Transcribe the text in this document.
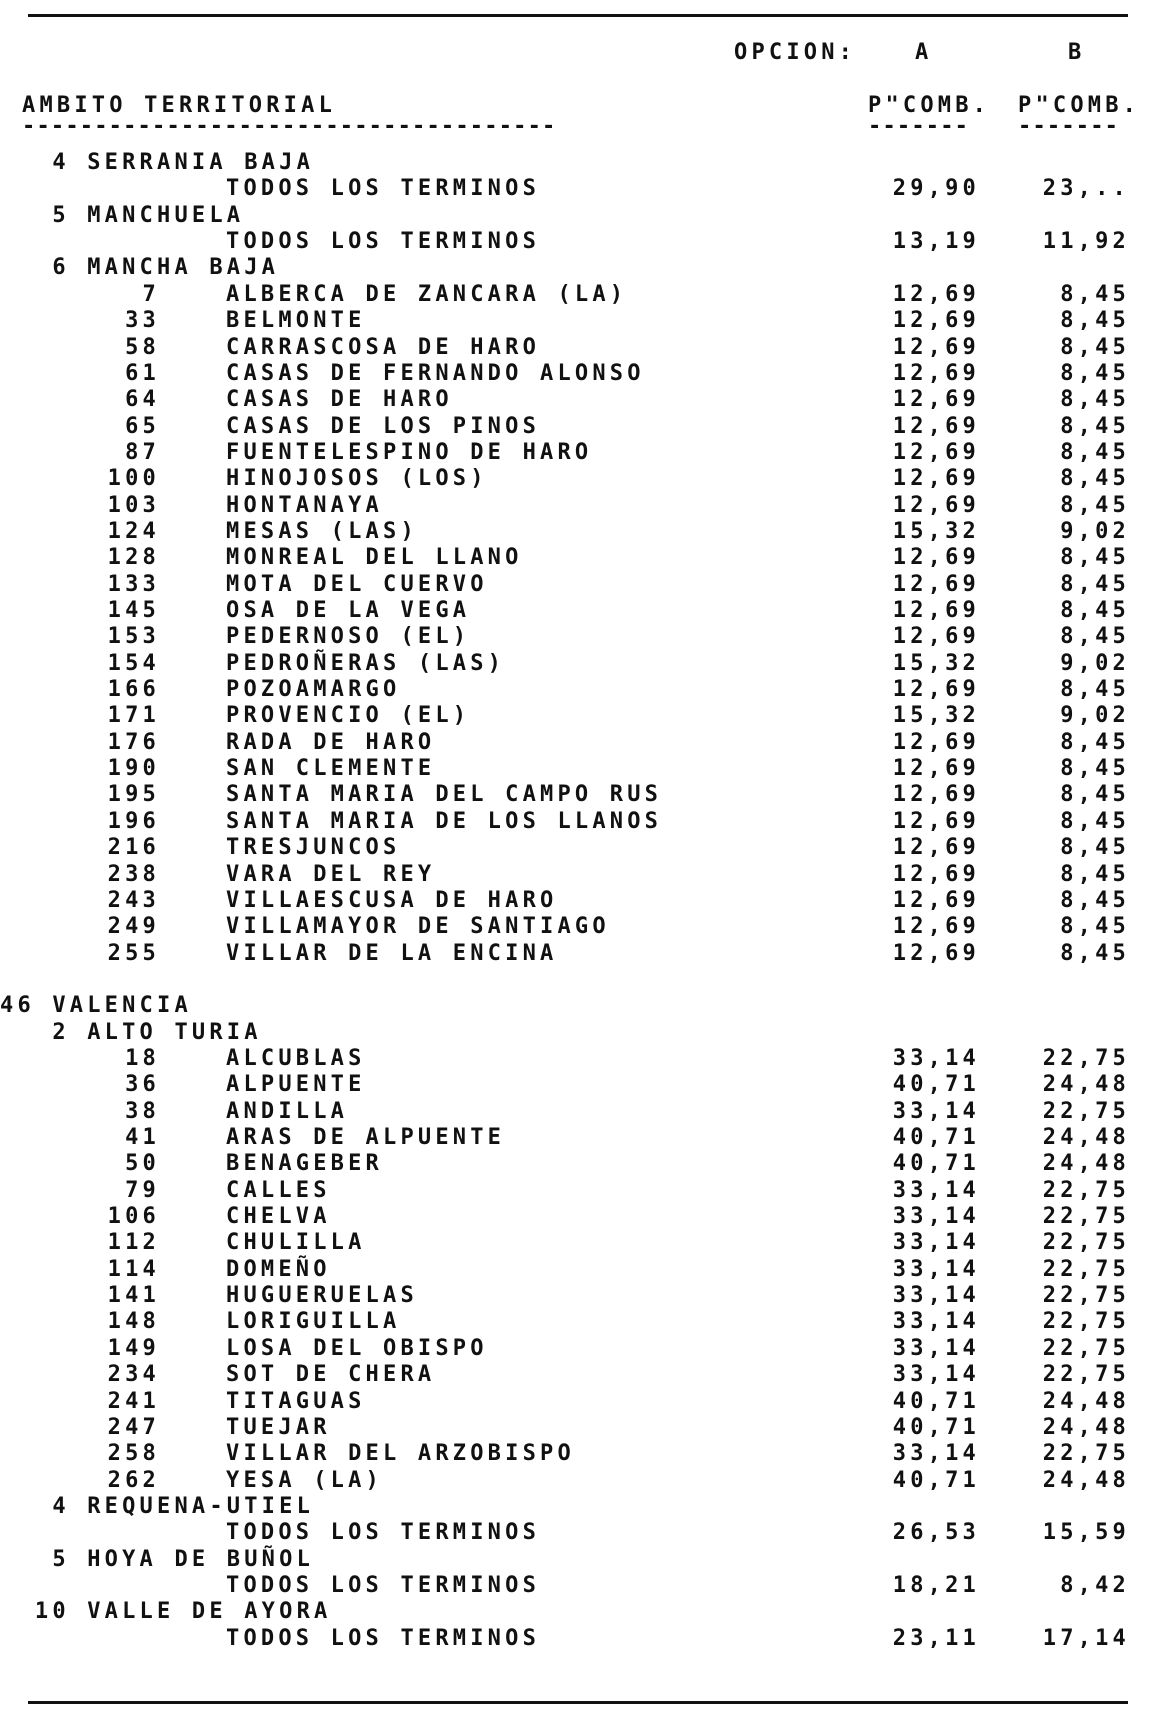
OPCION:	A	B
AMBITO TERRITORIAL	P"COMB. P"COMB.
-------------------------------------	------- -------
4 SERRANIA BAJA
TODOS LOS TERMINOS	29,90	23,..
5 MANCHUELA
TODOS LOS TERMINOS	13,19	11,92
6 MANCHA BAJA
7	ALBERCA DE ZANCARA (LA)	12,69	8,45
33	BELMONTE	12,69	8,45
58	CARRASCOSA DE HARO	12,69	8,45
61	CASAS DE FERNANDO ALONSO	12,69	8,45
64	CASAS DE HARO	12,69	8,45
65	CASAS DE LOS PINOS	12,69	8,45
87	FUENTELESPINO DE HARO	12,69	8,45
100	HINOJOSOS (LOS)	12,69	8,45
103	HONTANAYA	12,69	8,45
124	MESAS (LAS)	15,32	9,02
128	MONREAL DEL LLANO	12,69	8,45
133	MOTA DEL CUERVO	12,69	8,45
145	OSA DE LA VEGA	12,69	8,45
153	PEDERNOSO (EL)	12,69	8,45
154	PEDROÑERAS (LAS)	15,32	9,02
166	POZOAMARGO	12,69	8,45
171	PROVENCIO (EL)	15,32	9,02
176	RADA DE HARO	12,69	8,45
190	SAN CLEMENTE	12,69	8,45
195	SANTA MARIA DEL CAMPO RUS	12,69	8,45
196	SANTA MARIA DE LOS LLANOS	12,69	8,45
216	TRESJUNCOS	12,69	8,45
238	VARA DEL REY	12,69	8,45
243	VILLAESCUSA DE HARO	12,69	8,45
249	VILLAMAYOR DE SANTIAGO	12,69	8,45
255	VILLAR DE LA ENCINA	12,69	8,45
46 VALENCIA
2 ALTO TURIA
18	ALCUBLAS	33,14	22,75
36	ALPUENTE	40,71	24,48
38	ANDILLA	33,14	22,75
41	ARAS DE ALPUENTE	40,71	24,48
50	BENAGEBER	40,71	24,48
79	CALLES	33,14	22,75
106	CHELVA	33,14	22,75
112	CHULILLA	33,14	22,75
114	DOMEÑO	33,14	22,75
141	HUGUERUELAS	33,14	22,75
148	LORIGUILLA	33,14	22,75
149	LOSA DEL OBISPO	33,14	22,75
234	SOT DE CHERA	33,14	22,75
241	TITAGUAS	40,71	24,48
247	TUEJAR	40,71	24,48
258	VILLAR DEL ARZOBISPO	33,14	22,75
262	YESA (LA)	40,71	24,48
4 REQUENA-UTIEL
TODOS LOS TERMINOS	26,53	15,59
5 HOYA DE BUÑOL
TODOS LOS TERMINOS	18,21	8,42
10 VALLE DE AYORA
TODOS LOS TERMINOS	23,11	17,14
